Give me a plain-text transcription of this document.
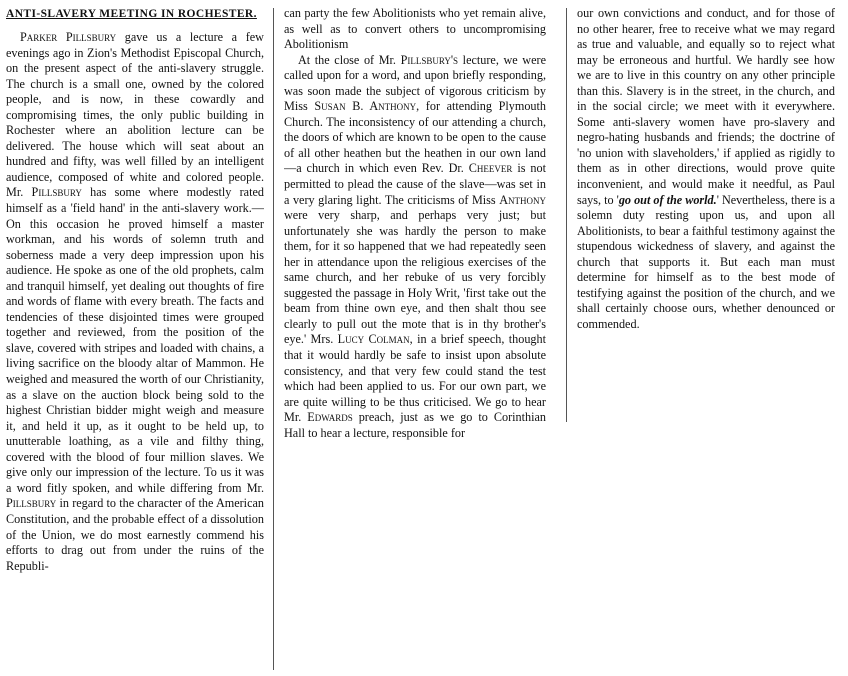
ANTI-SLAVERY MEETING IN ROCHESTER.

Parker Pillsbury gave us a lecture a few evenings ago in Zion's Methodist Episcopal Church, on the present aspect of the anti-slavery struggle. The church is a small one, owned by the colored people, and is now, in these cowardly and compromising times, the only public building in Rochester where an abolition lecture can be delivered. The house which will seat about an hundred and fifty, was well filled by an intelligent audience, composed of white and colored people. Mr. Pillsbury has some where modestly rated himself as a 'field hand' in the anti-slavery work.— On this occasion he proved himself a master workman, and his words of solemn truth and soberness made a very deep impression upon his audience. He spoke as one of the old prophets, calm and tranquil himself, yet dealing out thoughts of fire and words of flame with every breath. The facts and tendencies of these disjointed times were grouped together and reviewed, from the position of the slave, covered with stripes and loaded with chains, a living sacrifice on the bloody altar of Mammon. He weighed and measured the worth of our Christianity, as a slave on the auction block being sold to the highest Christian bidder might weigh and measure it, and held it up, as it ought to be held up, to unutterable loathing, as a vile and filthy thing, covered with the blood of four million slaves. We give only our impression of the lecture. To us it was a word fitly spoken, and while differing from Mr. Pillsbury in regard to the character of the American Constitution, and the probable effect of a dissolution of the Union, we do most earnestly commend his efforts to drag out from under the ruins of the Republi-

can party the few Abolitionists who yet remain alive, as well as to convert others to uncompromising Abolitionism

At the close of Mr. Pillsbury's lecture, we were called upon for a word, and upon briefly responding, was soon made the subject of vigorous criticism by Miss Susan B. Anthony, for attending Plymouth Church. The inconsistency of our attending a church, the doors of which are known to be open to the cause of all other heathen but the heathen in our own land—a church in which even Rev. Dr. Cheever is not permitted to plead the cause of the slave—was set in a very glaring light. The criticisms of Miss Anthony were very sharp, and perhaps very just; but unfortunately she was hardly the person to make them, for it so happened that we had repeatedly seen her in attendance upon the religious exercises of the same church, and her rebuke of us very forcibly suggested the passage in Holy Writ, 'first take out the beam from thine own eye, and then shalt thou see clearly to pull out the mote that is in thy brother's eye.' Mrs. Lucy Colman, in a brief speech, thought that it would hardly be safe to insist upon absolute consistency, and that very few could stand the test which had been applied to us. For our own part, we are quite willing to be thus criticised. We go to hear Mr. Edwards preach, just as we go to Corinthian Hall to hear a lecture, responsible for

our own convictions and conduct, and for those of no other hearer, free to receive what we may regard as true and valuable, and equally so to reject what may be erroneous and hurtful. We hardly see how we are to live in this country on any other principle than this. Slavery is in the street, in the church, and in the social circle; we meet with it everywhere. Some anti-slavery women have pro-slavery and negro-hating husbands and friends; the doctrine of 'no union with slaveholders,' if applied as rigidly to them as in other directions, would prove quite inconvenient, and would make it needful, as Paul says, to 'go out of the world.' Nevertheless, there is a solemn duty resting upon us, and upon all Abolitionists, to bear a faithful testimony against the stupendous wickedness of slavery, and against the church that supports it. But each man must determine for himself as to the best mode of testifying against the position of the church, and we shall certainly choose ours, whether denounced or commended.
